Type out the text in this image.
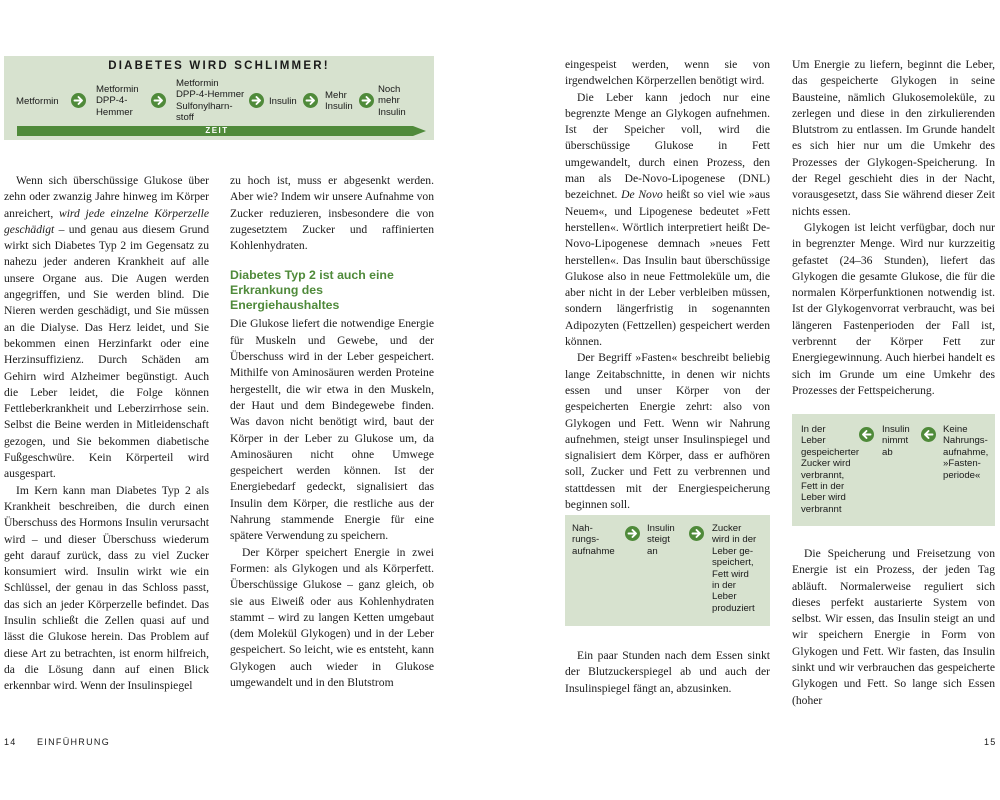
DIABETES WIRD SCHLIMMER!
Metformin
Metformin
DPP-4-
Hemmer
Metformin
DPP-4-Hemmer
Sulfonylharn-
stoff
Insulin
Mehr
Insulin
Noch
mehr
Insulin
ZEIT

Wenn sich überschüssige Glukose über zehn oder zwanzig Jahre hinweg im Körper anreichert, wird jede einzelne Körperzelle geschädigt – und genau aus diesem Grund wirkt sich Diabetes Typ 2 im Gegensatz zu nahezu jeder anderen Krankheit auf alle unsere Organe aus. Die Augen werden angegriffen, und Sie werden blind. Die Nieren werden geschädigt, und Sie müssen an die Dialyse. Das Herz leidet, und Sie bekommen einen Herzinfarkt oder eine Herzinsuffizienz. Durch Schäden am Gehirn wird Alzheimer begünstigt. Auch die Leber leidet, die Folge können Fettleberkrankheit und Leberzirrhose sein. Selbst die Beine werden in Mitleidenschaft gezogen, und Sie bekommen diabetische Fußgeschwüre. Kein Körperteil wird ausgespart.

Im Kern kann man Diabetes Typ 2 als Krankheit beschreiben, die durch einen Überschuss des Hormons Insulin verursacht wird – und dieser Überschuss wiederum geht darauf zurück, dass zu viel Zucker konsumiert wird. Insulin wirkt wie ein Schlüssel, der genau in das Schloss passt, das sich an jeder Körperzelle befindet. Das Insulin schließt die Zellen quasi auf und lässt die Glukose herein. Das Problem auf diese Art zu betrachten, ist enorm hilfreich, da die Lösung dann auf einen Blick erkennbar wird. Wenn der Insulinspiegel

zu hoch ist, muss er abgesenkt werden. Aber wie? Indem wir unsere Aufnahme von Zucker reduzieren, insbesondere die von zugesetztem Zucker und raffinierten Kohlenhydraten.

Diabetes Typ 2 ist auch eine Erkrankung des Energiehaushaltes

Die Glukose liefert die notwendige Energie für Muskeln und Gewebe, und der Überschuss wird in der Leber gespeichert. Mithilfe von Aminosäuren werden Proteine hergestellt, die wir etwa in den Muskeln, der Haut und dem Bindegewebe finden. Was davon nicht benötigt wird, baut der Körper in der Leber zu Glukose um, da Aminosäuren nicht ohne Umwege gespeichert werden können. Ist der Energiebedarf gedeckt, signalisiert das Insulin dem Körper, die restliche aus der Nahrung stammende Energie für eine spätere Verwendung zu speichern.

Der Körper speichert Energie in zwei Formen: als Glykogen und als Körperfett. Überschüssige Glukose – ganz gleich, ob sie aus Eiweiß oder aus Kohlenhydraten stammt – wird zu langen Ketten umgebaut (dem Molekül Glykogen) und in der Leber gespeichert. So leicht, wie es entsteht, kann Glykogen auch wieder in Glukose umgewandelt und in den Blutstrom

14 EINFÜHRUNG

eingespeist werden, wenn sie von irgendwelchen Körperzellen benötigt wird.

Die Leber kann jedoch nur eine begrenzte Menge an Glykogen aufnehmen. Ist der Speicher voll, wird die überschüssige Glukose in Fett umgewandelt, durch einen Prozess, den man als De-Novo-Lipogenese (DNL) bezeichnet. De Novo heißt so viel wie »aus Neuem«, und Lipogenese bedeutet »Fett herstellen«. Wörtlich interpretiert heißt De-Novo-Lipogenese demnach »neues Fett herstellen«. Das Insulin baut überschüssige Glukose also in neue Fettmoleküle um, die aber nicht in der Leber verbleiben müssen, sondern längerfristig in sogenannten Adipozyten (Fettzellen) gespeichert werden können.

Der Begriff »Fasten« beschreibt beliebig lange Zeitabschnitte, in denen wir nichts essen und unser Körper von der gespeicherten Energie zehrt: also von Glykogen und Fett. Wenn wir Nahrung aufnehmen, steigt unser Insulinspiegel und signalisiert dem Körper, dass er aufhören soll, Zucker und Fett zu verbrennen und stattdessen mit der Energiespeicherung beginnen soll.

Nah-
rungs-
aufnahme
Insulin
steigt
an
Zucker
wird in der
Leber ge-
speichert,
Fett wird
in der
Leber
produziert

Ein paar Stunden nach dem Essen sinkt der Blutzuckerspiegel ab und auch der Insulinspiegel fängt an, abzusinken.

Um Energie zu liefern, beginnt die Leber, das gespeicherte Glykogen in seine Bausteine, nämlich Glukosemoleküle, zu zerlegen und diese in den zirkulierenden Blutstrom zu entlassen. Im Grunde handelt es sich hier nur um die Umkehr des Prozesses der Glykogen-Speicherung. In der Regel geschieht dies in der Nacht, vorausgesetzt, dass Sie während dieser Zeit nichts essen.

Glykogen ist leicht verfügbar, doch nur in begrenzter Menge. Wird nur kurzzeitig gefastet (24–36 Stunden), liefert das Glykogen die gesamte Glukose, die für die normalen Körperfunktionen notwendig ist. Ist der Glykogenvorrat verbraucht, was bei längeren Fastenperioden der Fall ist, verbrennt der Körper Fett zur Energiegewinnung. Auch hierbei handelt es sich im Grunde um eine Umkehr des Prozesses der Fettspeicherung.

In der
Leber
gespeicherter
Zucker wird
verbrannt,
Fett in der
Leber wird
verbrannt
Insulin
nimmt
ab
Keine
Nahrungs-
aufnahme,
»Fasten-
periode«

Die Speicherung und Freisetzung von Energie ist ein Prozess, der jeden Tag abläuft. Normalerweise reguliert sich dieses perfekt austarierte System von selbst. Wir essen, das Insulin steigt an und wir speichern Energie in Form von Glykogen und Fett. Wir fasten, das Insulin sinkt und wir verbrauchen das gespeicherte Glykogen und Fett. So lange sich Essen (hoher

15
